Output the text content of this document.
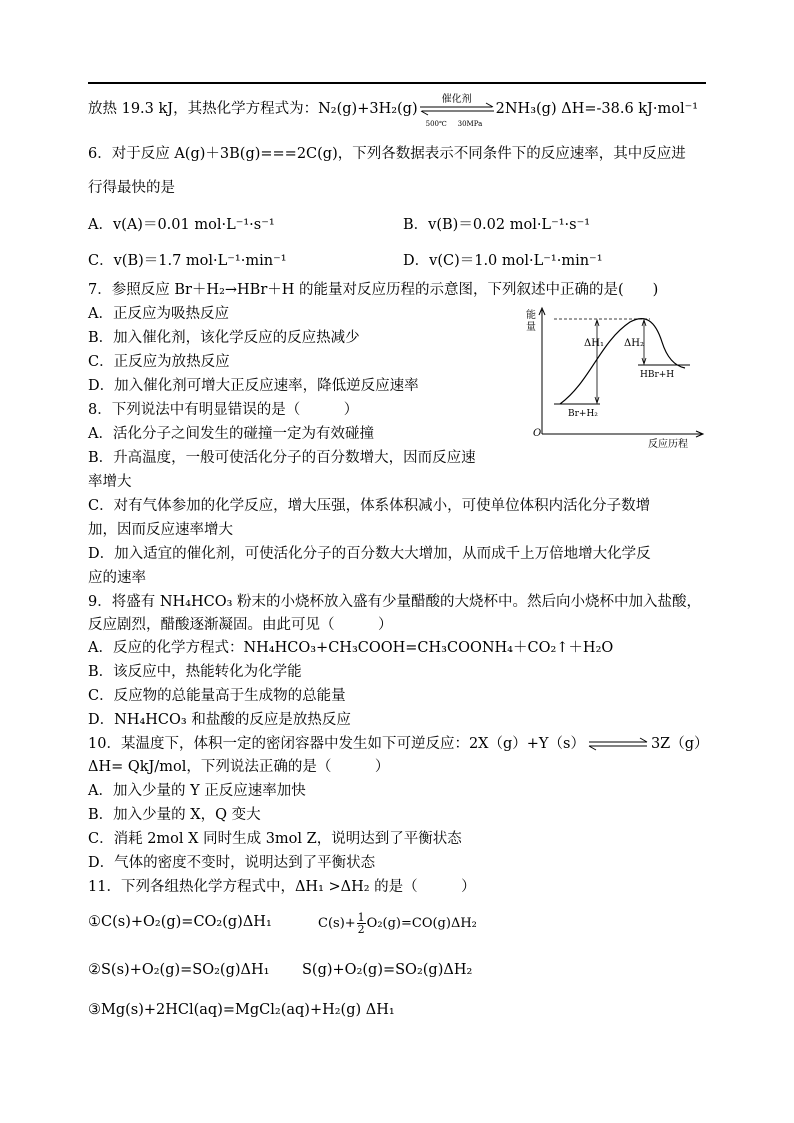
放热 19.3 kJ，其热化学方程式为：N₂(g)+3H₂(g)
催化剂
500℃ 30MPa
2NH₃(g) ΔH=-38.6 kJ·mol⁻¹
6．对于反应 A(g)＋3B(g)===2C(g)，下列各数据表示不同条件下的反应速率，其中反应进
行得最快的是
A．v(A)＝0.01 mol·L⁻¹·s⁻¹	B．v(B)＝0.02 mol·L⁻¹·s⁻¹
C．v(B)＝1.7 mol·L⁻¹·min⁻¹	D．v(C)＝1.0 mol·L⁻¹·min⁻¹
7．参照反应 Br＋H₂→HBr＋H 的能量对反应历程的示意图，下列叙述中正确的是(　　)
A．正反应为吸热反应
B．加入催化剂，该化学反应的反应热减少
C．正反应为放热反应
D．加入催化剂可增大正反应速率，降低逆反应速率
能
量
O
反应历程
Br+H₂
HBr+H
ΔH₁ ΔH₂
8．下列说法中有明显错误的是（　　　）
A．活化分子之间发生的碰撞一定为有效碰撞
B．升高温度，一般可使活化分子的百分数增大，因而反应速
率增大
C．对有气体参加的化学反应，增大压强，体系体积减小，可使单位体积内活化分子数增
加，因而反应速率增大
D．加入适宜的催化剂，可使活化分子的百分数大大增加，从而成千上万倍地增大化学反
应的速率
9．将盛有 NH₄HCO₃ 粉末的小烧杯放入盛有少量醋酸的大烧杯中。然后向小烧杯中加入盐酸，
反应剧烈，醋酸逐渐凝固。由此可见（　　　）
A．反应的化学方程式：NH₄HCO₃+CH₃COOH=CH₃COONH₄＋CO₂↑＋H₂O
B．该反应中，热能转化为化学能
C．反应物的总能量高于生成物的总能量
D．NH₄HCO₃ 和盐酸的反应是放热反应
10．某温度下，体积一定的密闭容器中发生如下可逆反应：2X（g）+Y（s）	3Z（g）
ΔH= QkJ/mol，下列说法正确的是（　　　）
A．加入少量的 Y 正反应速率加快
B．加入少量的 X，Q 变大
C．消耗 2mol X 同时生成 3mol Z，说明达到了平衡状态
D．气体的密度不变时，说明达到了平衡状态
11．下列各组热化学方程式中，ΔH₁ >ΔH₂ 的是（　　　）
①C(s)+O₂(g)=CO₂(g)ΔH₁	$C(s)+ \frac{1}{2} O_2(g)=CO(g)\Delta H_2$
②S(s)+O₂(g)=SO₂(g)ΔH₁ S(g)+O₂(g)=SO₂(g)ΔH₂
③Mg(s)+2HCl(aq)=MgCl₂(aq)+H₂(g) ΔH₁
